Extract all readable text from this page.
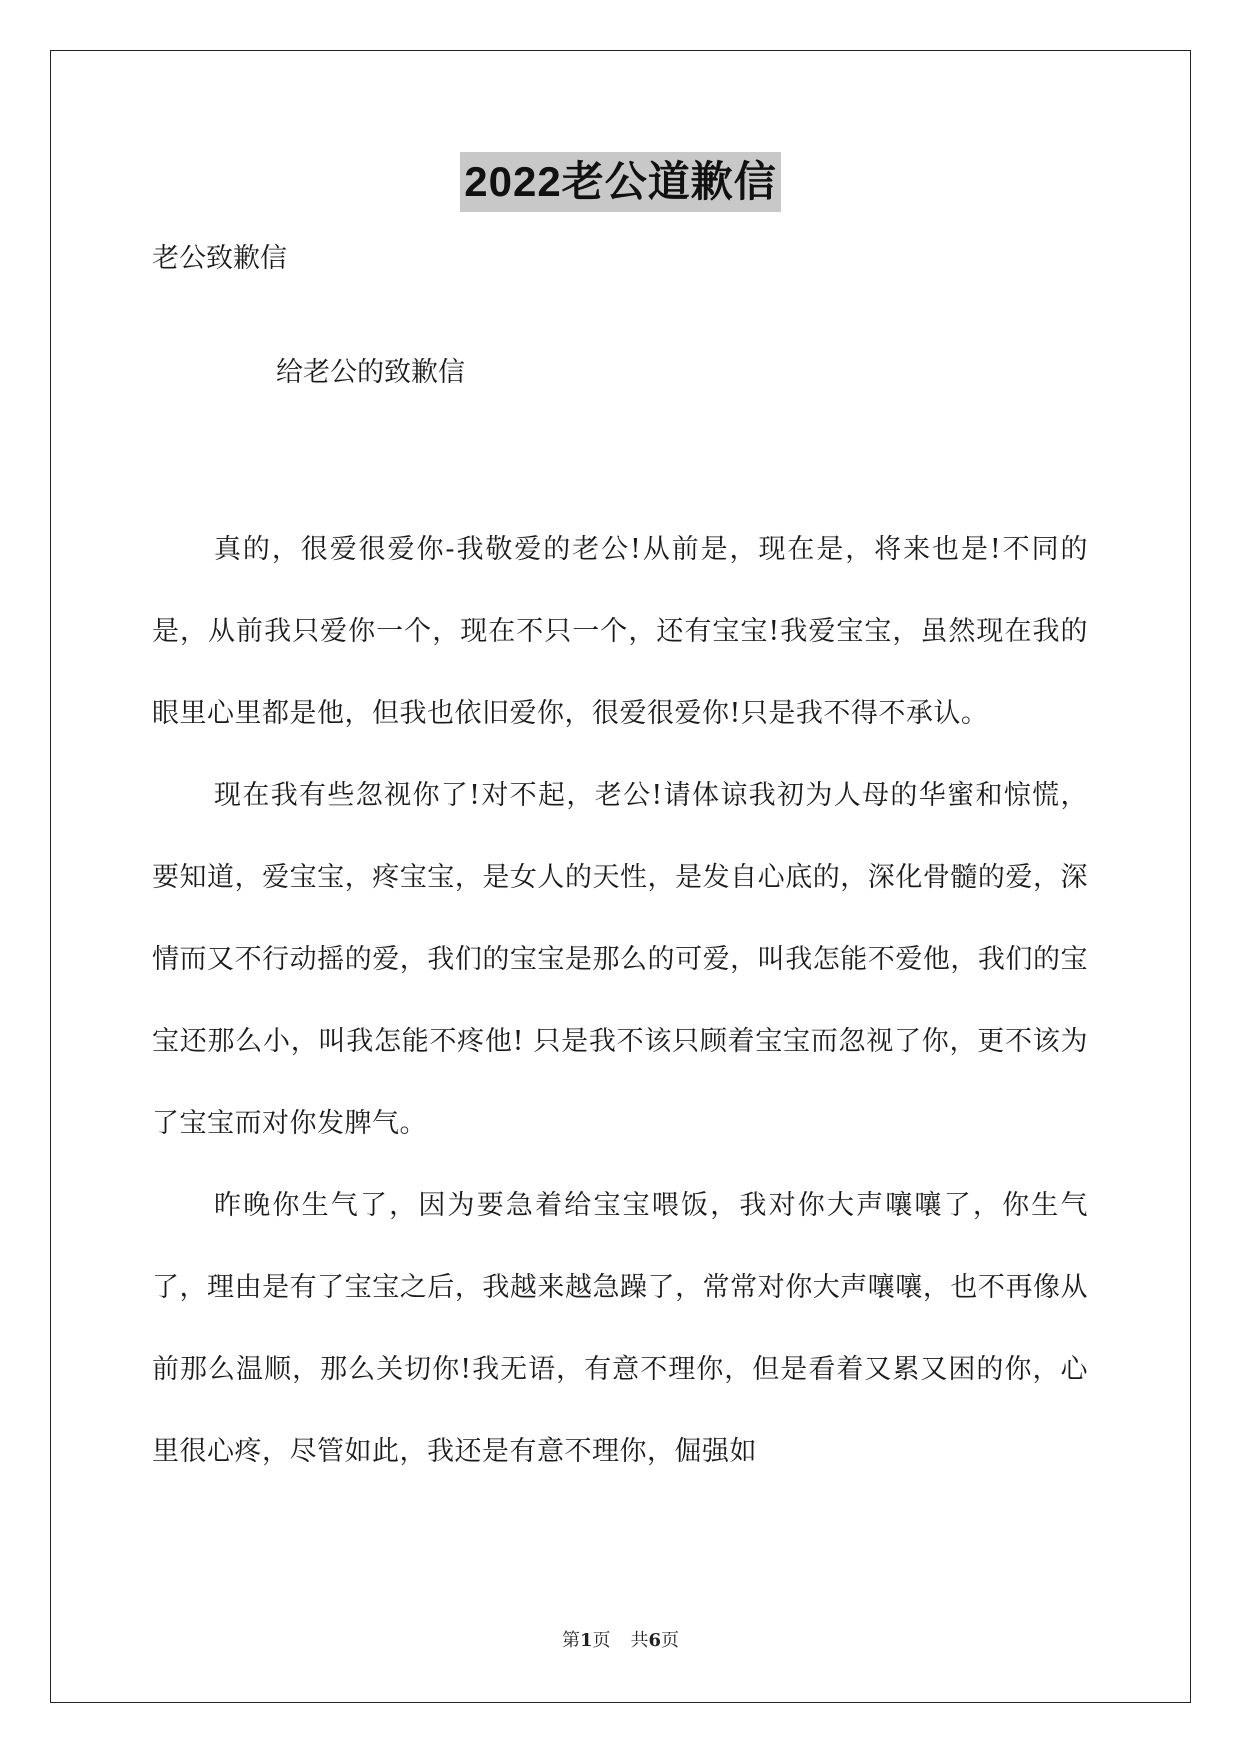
2022老公道歉信
老公致歉信
给老公的致歉信

真的，很爱很爱你-我敬爱的老公!从前是，现在是，将来也是!不同的是，从前我只爱你一个，现在不只一个，还有宝宝!我爱宝宝，虽然现在我的眼里心里都是他，但我也依旧爱你，很爱很爱你!只是我不得不承认。

现在我有些忽视你了!对不起，老公!请体谅我初为人母的华蜜和惊慌，要知道，爱宝宝，疼宝宝，是女人的天性，是发自心底的，深化骨髓的爱，深情而又不行动摇的爱，我们的宝宝是那么的可爱，叫我怎能不爱他，我们的宝宝还那么小，叫我怎能不疼他! 只是我不该只顾着宝宝而忽视了你，更不该为了宝宝而对你发脾气。

昨晚你生气了，因为要急着给宝宝喂饭，我对你大声嚷嚷了，你生气了，理由是有了宝宝之后，我越来越急躁了，常常对你大声嚷嚷，也不再像从前那么温顺，那么关切你!我无语，有意不理你，但是看着又累又困的你，心里很心疼，尽管如此，我还是有意不理你，倔强如

第1页 共6页
